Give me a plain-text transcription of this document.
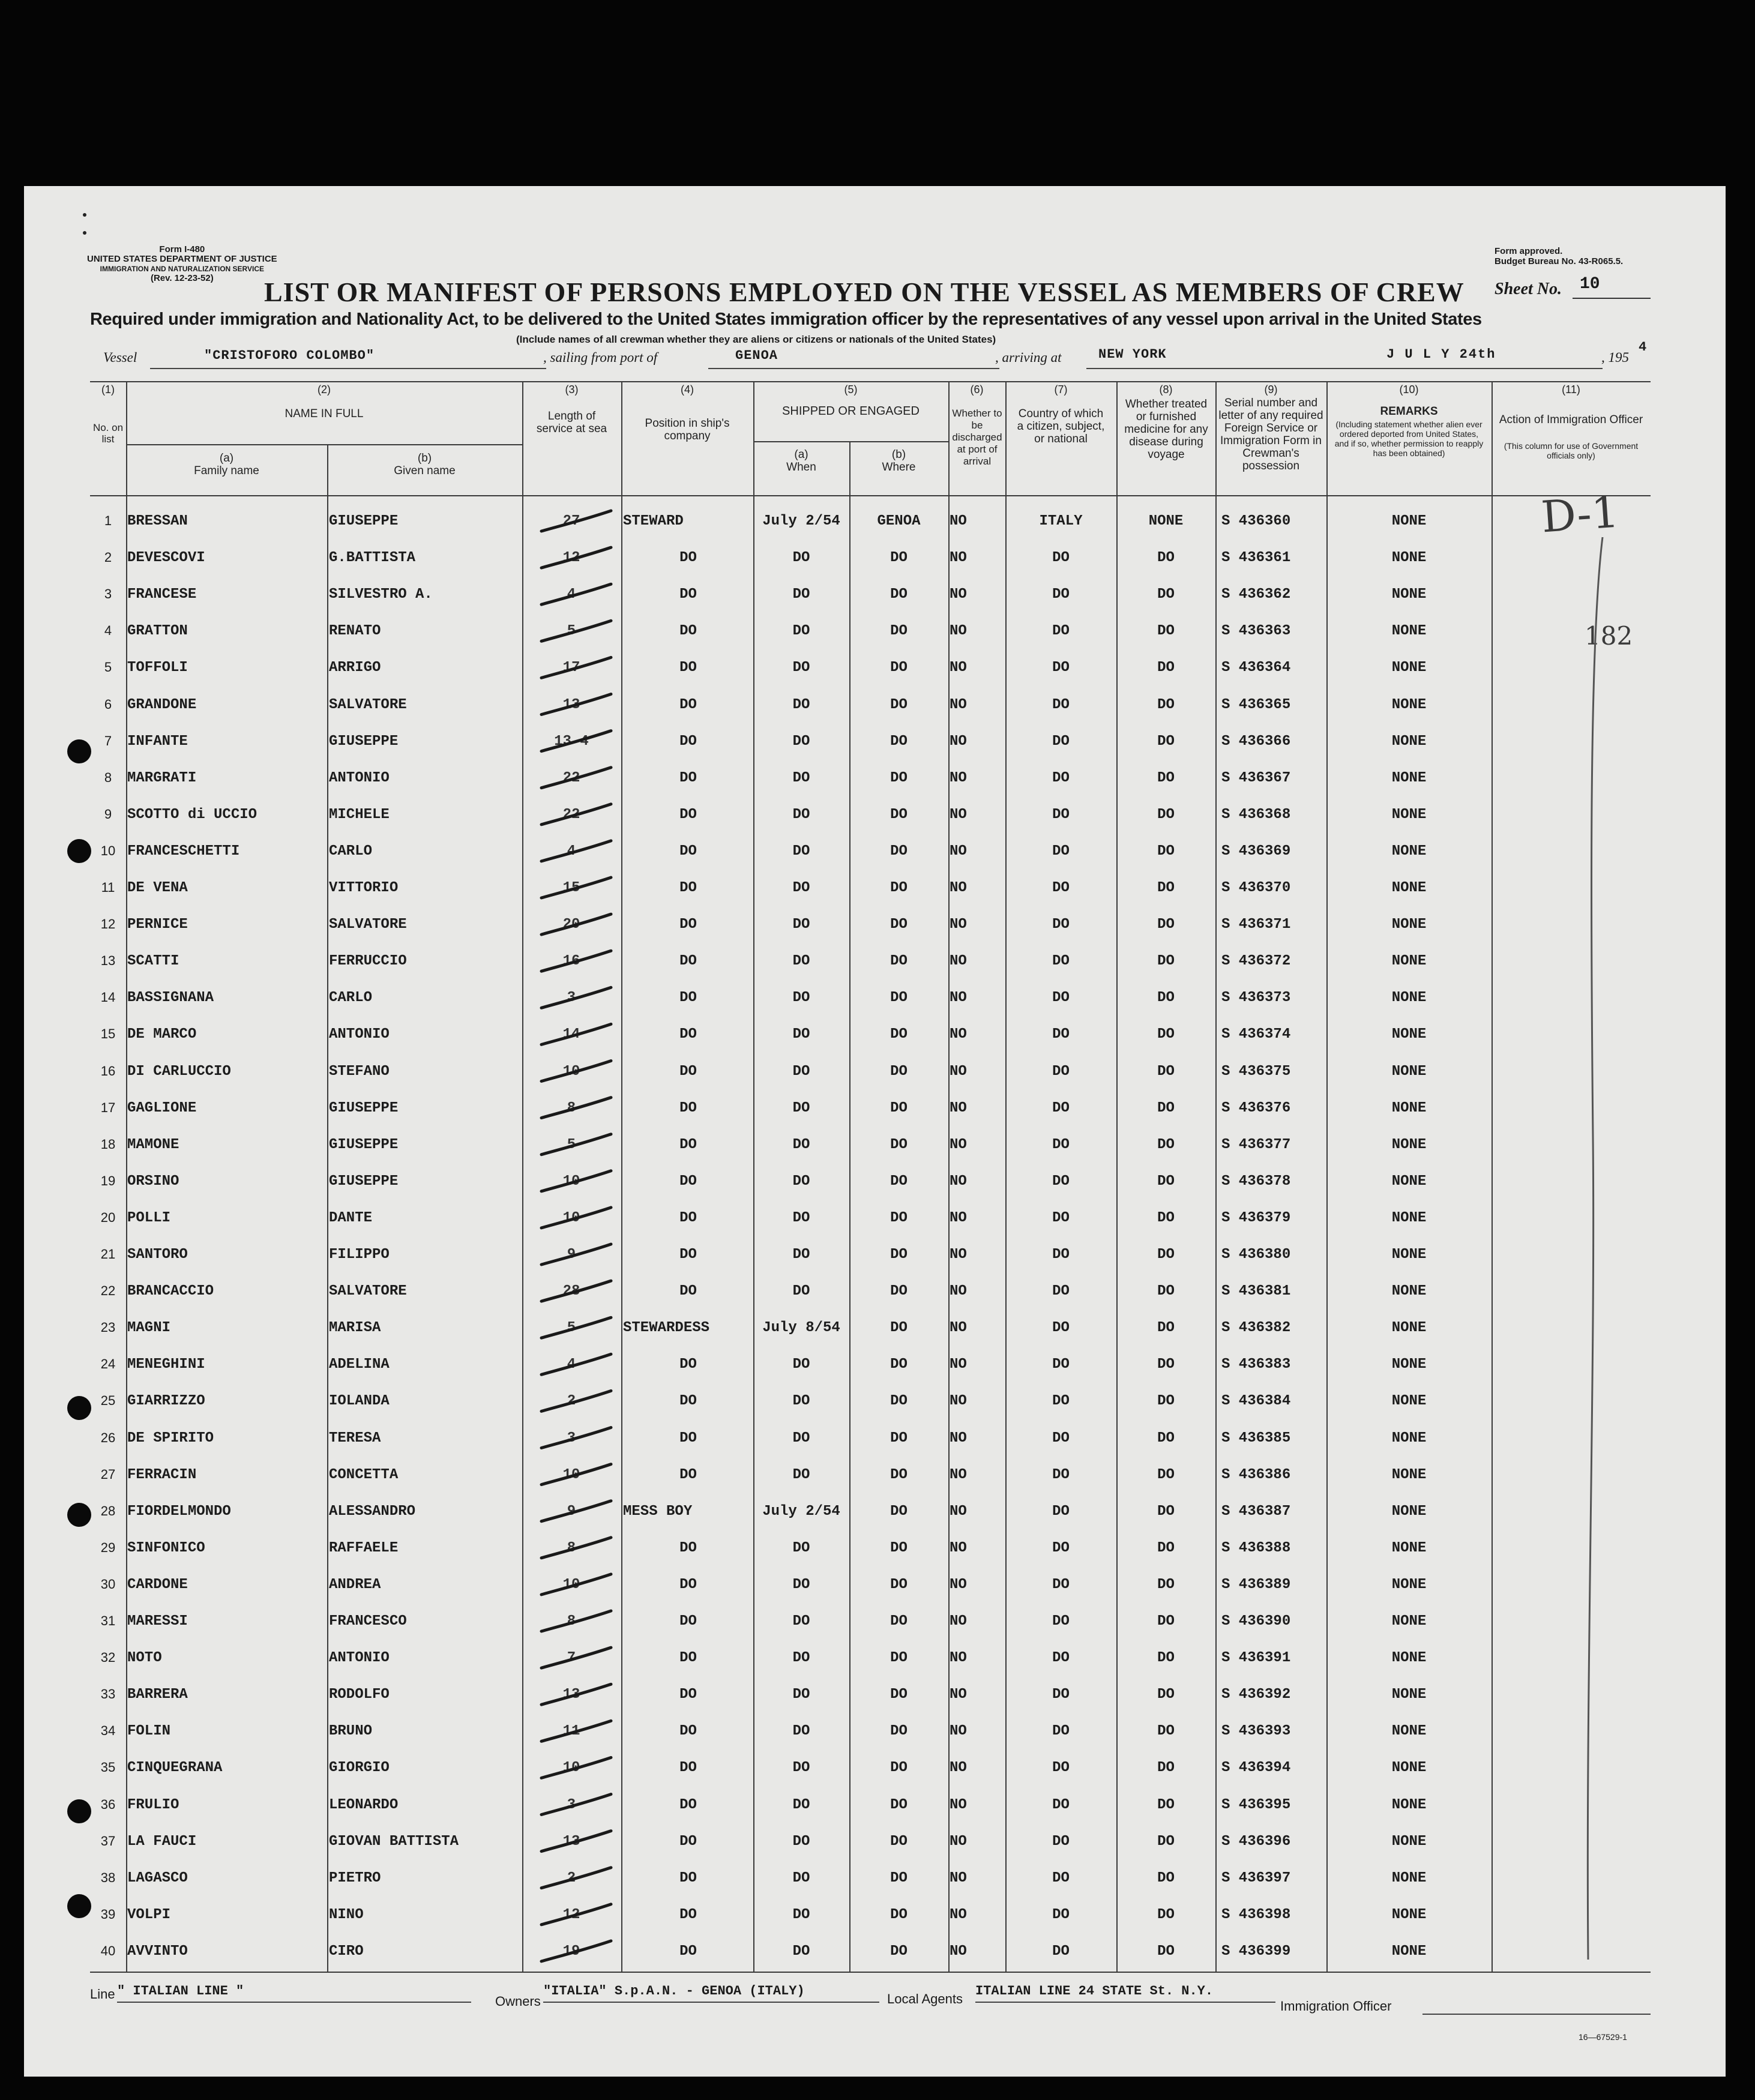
Form I-480
UNITED STATES DEPARTMENT OF JUSTICE
IMMIGRATION AND NATURALIZATION SERVICE
(Rev. 12-23-52)
Form approved.
Budget Bureau No. 43-R065.5.
LIST OR MANIFEST OF PERSONS EMPLOYED ON THE VESSEL AS MEMBERS OF CREW	Sheet No. 10
Required under immigration and Nationality Act, to be delivered to the United States immigration officer by the representatives of any vessel upon arrival in the United States
(Include names of all crewman whether they are aliens or citizens or nationals of the United States)
Vessel	"CRISTOFORO COLOMBO"	, sailing from port of	GENOA	, arriving at	NEW YORK	J U L Y 24th	, 195
4
(1)
No. on list
(2)
NAME IN FULL
(a)
Family name
(b)
Given name
(3)
Length of service at sea
(4)
Position in ship's company
(5)
SHIPPED OR ENGAGED
(a)
When
(b)
Where
(6)
Whether to be discharged at port of arrival
(7)
Country of which a citizen, subject, or national
(8)
Whether treated or furnished medicine for any disease during voyage
(9)
Serial number and letter of any required Foreign Service or Immigration Form in Crewman's possession
(10)
REMARKS
(Including statement whether alien ever ordered deported from United States, and if so, whether permission to reapply has been obtained)
(11)
Action of Immigration Officer
(This column for use of Government officials only)
1	BRESSAN	GIUSEPPE	27	STEWARD	July 2/54	GENOA	NO	ITALY	NONE	S 436360	NONE
2	DEVESCOVI	G.BATTISTA	12	DO	DO	DO	NO	DO	DO	S 436361	NONE
3	FRANCESE	SILVESTRO A.	4	DO	DO	DO	NO	DO	DO	S 436362	NONE
4	GRATTON	RENATO	5	DO	DO	DO	NO	DO	DO	S 436363	NONE
5	TOFFOLI	ARRIGO	17	DO	DO	DO	NO	DO	DO	S 436364	NONE
6	GRANDONE	SALVATORE	13	DO	DO	DO	NO	DO	DO	S 436365	NONE
7	INFANTE	GIUSEPPE	13 4	DO	DO	DO	NO	DO	DO	S 436366	NONE
8	MARGRATI	ANTONIO	22	DO	DO	DO	NO	DO	DO	S 436367	NONE
9	SCOTTO di UCCIO	MICHELE	22	DO	DO	DO	NO	DO	DO	S 436368	NONE
10 FRANCESCHETTI	CARLO	4	DO	DO	DO	NO	DO	DO	S 436369	NONE
11 DE VENA	VITTORIO	15	DO	DO	DO	NO	DO	DO	S 436370	NONE
12 PERNICE	SALVATORE	20	DO	DO	DO	NO	DO	DO	S 436371	NONE
13 SCATTI	FERRUCCIO	16	DO	DO	DO	NO	DO	DO	S 436372	NONE
14 BASSIGNANA	CARLO	3	DO	DO	DO	NO	DO	DO	S 436373	NONE
15 DE MARCO	ANTONIO	14	DO	DO	DO	NO	DO	DO	S 436374	NONE
16 DI CARLUCCIO	STEFANO	10	DO	DO	DO	NO	DO	DO	S 436375	NONE
17 GAGLIONE	GIUSEPPE	8	DO	DO	DO	NO	DO	DO	S 436376	NONE
18 MAMONE	GIUSEPPE	5	DO	DO	DO	NO	DO	DO	S 436377	NONE
19 ORSINO	GIUSEPPE	10	DO	DO	DO	NO	DO	DO	S 436378	NONE
20 POLLI	DANTE	10	DO	DO	DO	NO	DO	DO	S 436379	NONE
21 SANTORO	FILIPPO	9	DO	DO	DO	NO	DO	DO	S 436380	NONE
22 BRANCACCIO	SALVATORE	28	DO	DO	DO	NO	DO	DO	S 436381	NONE
23 MAGNI	MARISA	5	STEWARDESS	July 8/54	DO	NO	DO	DO	S 436382	NONE
24 MENEGHINI	ADELINA	4	DO	DO	DO	NO	DO	DO	S 436383	NONE
25 GIARRIZZO	IOLANDA	2	DO	DO	DO	NO	DO	DO	S 436384	NONE
26 DE SPIRITO	TERESA	3	DO	DO	DO	NO	DO	DO	S 436385	NONE
27 FERRACIN	CONCETTA	10	DO	DO	DO	NO	DO	DO	S 436386	NONE
28 FIORDELMONDO	ALESSANDRO	9	MESS BOY	July 2/54	DO	NO	DO	DO	S 436387	NONE
29 SINFONICO	RAFFAELE	8	DO	DO	DO	NO	DO	DO	S 436388	NONE
30 CARDONE	ANDREA	10	DO	DO	DO	NO	DO	DO	S 436389	NONE
31 MARESSI	FRANCESCO	8	DO	DO	DO	NO	DO	DO	S 436390	NONE
32 NOTO	ANTONIO	7	DO	DO	DO	NO	DO	DO	S 436391	NONE
33 BARRERA	RODOLFO	13	DO	DO	DO	NO	DO	DO	S 436392	NONE
34 FOLIN	BRUNO	11	DO	DO	DO	NO	DO	DO	S 436393	NONE
35 CINQUEGRANA	GIORGIO	10	DO	DO	DO	NO	DO	DO	S 436394	NONE
36 FRULIO	LEONARDO	3	DO	DO	DO	NO	DO	DO	S 436395	NONE
37 LA FAUCI	GIOVAN BATTISTA	13	DO	DO	DO	NO	DO	DO	S 436396	NONE
38 LAGASCO	PIETRO	2	DO	DO	DO	NO	DO	DO	S 436397	NONE
39 VOLPI	NINO	12	DO	DO	DO	NO	DO	DO	S 436398	NONE
40 AVVINTO	CIRO	19	DO	DO	DO	NO	DO	DO	S 436399	NONE
D-1
182
Line " ITALIAN LINE "
Owners
"ITALIA" S.p.A.N. - GENOA (ITALY)
Local Agents
ITALIAN LINE 24 STATE St. N.Y.
Immigration Officer
16—67529-1
